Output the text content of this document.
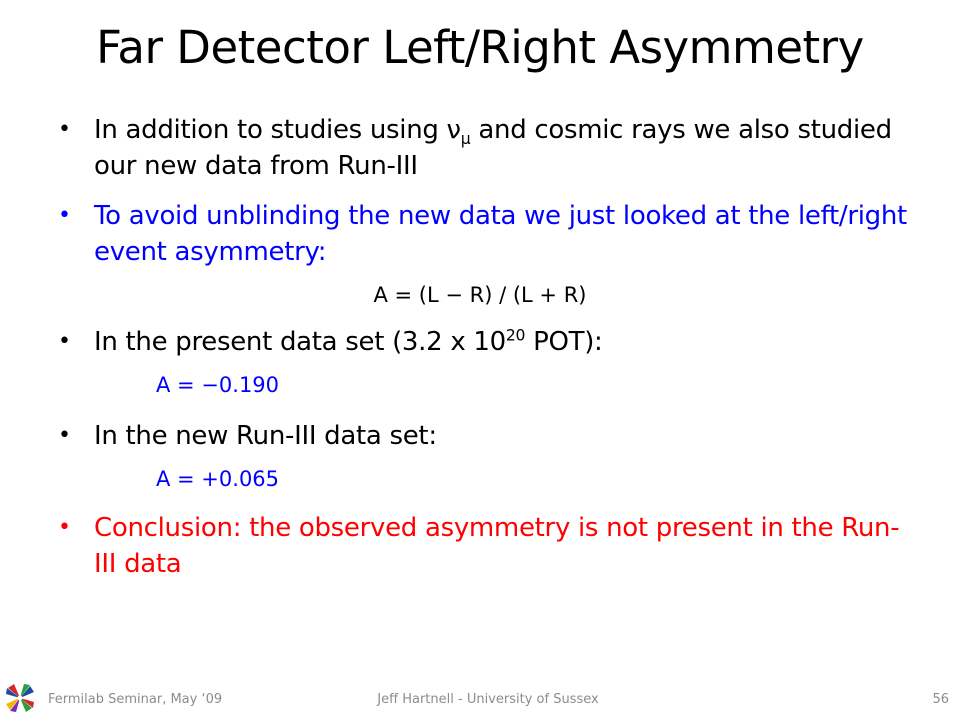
Far Detector Left/Right Asymmetry
• In addition to studies using $\nu_\mu$ and cosmic rays we also studied our new data from Run-III
• To avoid unblinding the new data we just looked at the left/right event asymmetry:
A = (L − R) / (L + R)
• In the present data set (3.2 x $10^{20}$ POT):
A = −0.190
• In the new Run-III data set:
A = +0.065
• Conclusion: the observed asymmetry is not present in the Run-III data
Fermilab Seminar, May ‘09	Jeff Hartnell - University of Sussex	56
